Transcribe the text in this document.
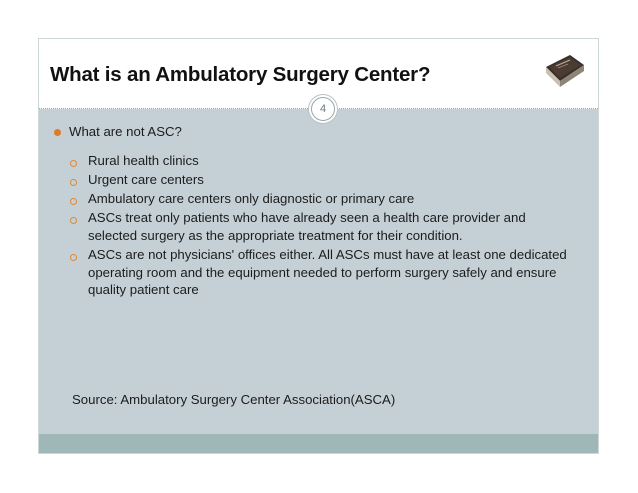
What is an Ambulatory Surgery Center?
4
What are not ASC?
Rural health clinics
Urgent care centers
Ambulatory care centers only diagnostic or primary care
ASCs treat only patients who have already seen a health care provider and selected surgery as the appropriate treatment for their condition.
ASCs are not physicians' offices either. All ASCs must have at least one dedicated operating room and the equipment needed to perform surgery safely and ensure quality patient care
Source: Ambulatory Surgery Center Association(ASCA)
